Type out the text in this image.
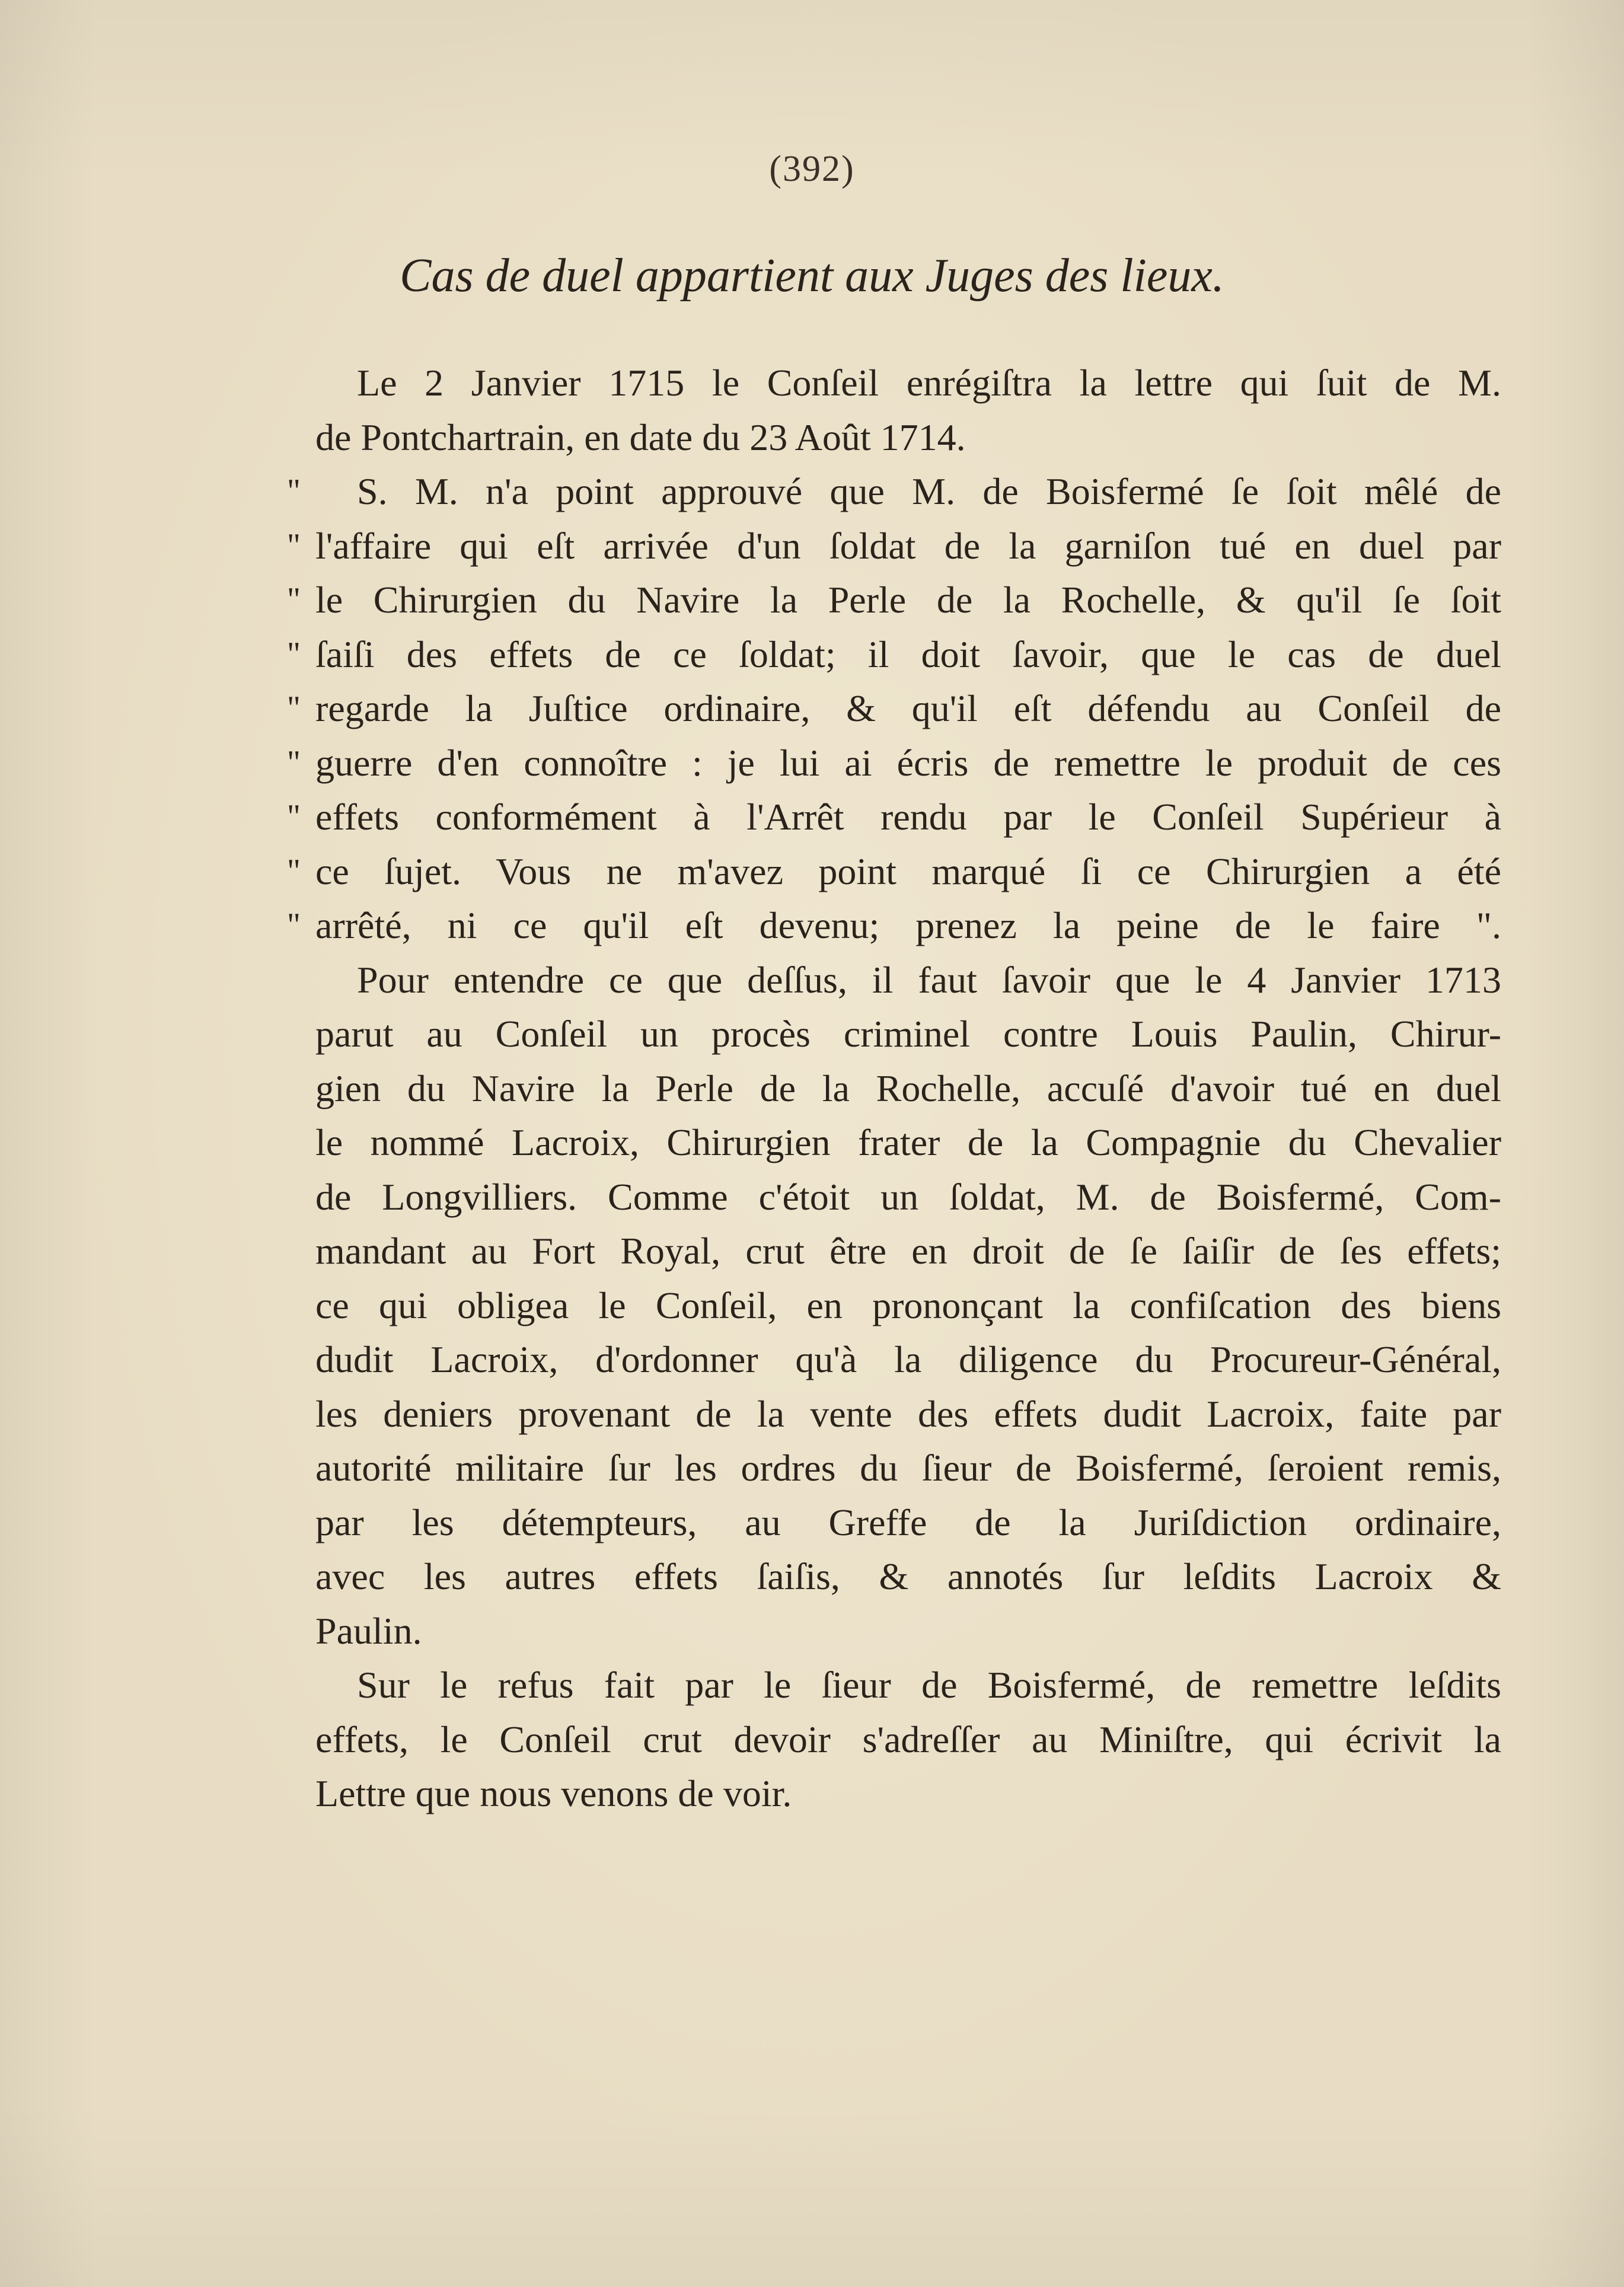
(392)
Cas de duel appartient aux Juges des lieux.
Le 2 Janvier 1715 le Conſeil enrégiſtra la lettre qui ſuit de M.
de Pontchartrain, en date du 23 Août 1714.
" S. M. n'a point approuvé que M. de Boisfermé ſe ſoit mêlé de
" l'affaire qui eſt arrivée d'un ſoldat de la garniſon tué en duel par
" le Chirurgien du Navire la Perle de la Rochelle, & qu'il ſe ſoit
" ſaiſi des effets de ce ſoldat; il doit ſavoir, que le cas de duel
" regarde la Juſtice ordinaire, & qu'il eſt défendu au Conſeil de
" guerre d'en connoître : je lui ai écris de remettre le produit de ces
" effets conformément à l'Arrêt rendu par le Conſeil Supérieur à
" ce ſujet. Vous ne m'avez point marqué ſi ce Chirurgien a été
" arrêté, ni ce qu'il eſt devenu; prenez la peine de le faire ".
Pour entendre ce que deſſus, il faut ſavoir que le 4 Janvier 1713
parut au Conſeil un procès criminel contre Louis Paulin, Chirur-
gien du Navire la Perle de la Rochelle, accuſé d'avoir tué en duel
le nommé Lacroix, Chirurgien frater de la Compagnie du Chevalier
de Longvilliers. Comme c'étoit un ſoldat, M. de Boisfermé, Com-
mandant au Fort Royal, crut être en droit de ſe ſaiſir de ſes effets;
ce qui obligea le Conſeil, en prononçant la confiſcation des biens
dudit Lacroix, d'ordonner qu'à la diligence du Procureur-Général,
les deniers provenant de la vente des effets dudit Lacroix, faite par
autorité militaire ſur les ordres du ſieur de Boisfermé, ſeroient remis,
par les détempteurs, au Greffe de la Juriſdiction ordinaire,
avec les autres effets ſaiſis, & annotés ſur leſdits Lacroix &
Paulin.
Sur le refus fait par le ſieur de Boisfermé, de remettre leſdits
effets, le Conſeil crut devoir s'adreſſer au Miniſtre, qui écrivit la
Lettre que nous venons de voir.
